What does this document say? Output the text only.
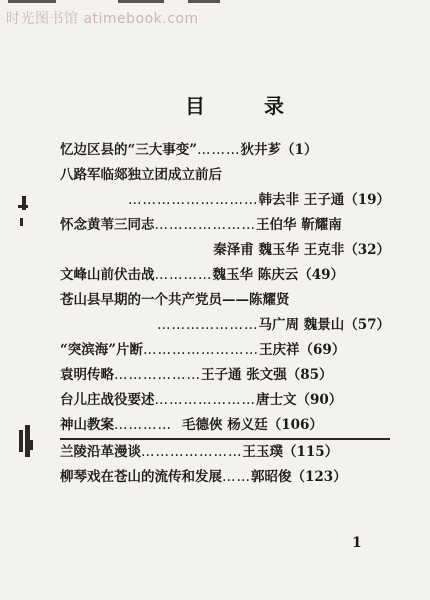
时光图书馆 atimebook.com
目 录
忆边区县的“三大事变”………狄井芗（1）
八路军临郯独立团成立前后
………………………韩去非 王子通（19）
怀念黄苇三同志…………………王伯华 靳耀南
秦泽甫 魏玉华 王克非（32）
文峰山前伏击战…………魏玉华 陈庆云（49）
苍山县早期的一个共产党员——陈耀贤
…………………马广周 魏景山（57）
“突滨海”片断……………………王庆祥（69）
袁明传略………………王子通 张文强（85）
台儿庄战役要述…………………唐士文（90）
神山教案………… 毛德俠 杨义廷（106）
兰陵沿革漫谈…………………王玉璞（115）
柳琴戏在苍山的流传和发展……郭昭俊（123）
1
